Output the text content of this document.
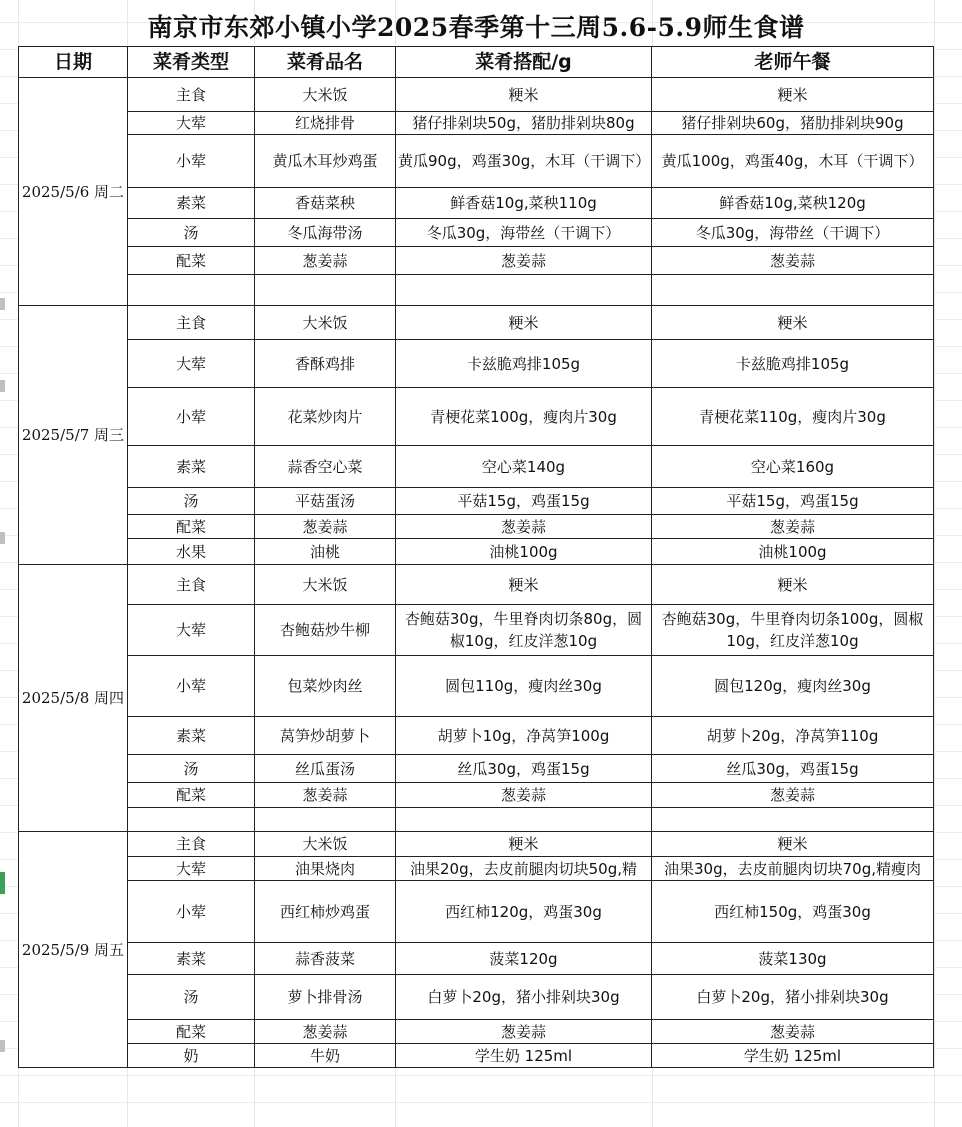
南京市东郊小镇小学2025春季第十三周5.6-5.9师生食谱
日期	菜肴类型	菜肴品名	菜肴搭配/g	老师午餐
2025/5/6 周二	主食	大米饭	粳米	粳米
	大荤	红烧排骨	猪仔排剁块50g，猪肋排剁块80g	猪仔排剁块60g，猪肋排剁块90g
	小荤	黄瓜木耳炒鸡蛋	黄瓜90g，鸡蛋30g，木耳（干调下）	黄瓜100g，鸡蛋40g，木耳（干调下）
	素菜	香菇菜秧	鲜香菇10g,菜秧110g	鲜香菇10g,菜秧120g
	汤	冬瓜海带汤	冬瓜30g，海带丝（干调下）	冬瓜30g，海带丝（干调下）
	配菜	葱姜蒜	葱姜蒜	葱姜蒜

2025/5/7 周三	主食	大米饭	粳米	粳米
	大荤	香酥鸡排	卡兹脆鸡排105g	卡兹脆鸡排105g
	小荤	花菜炒肉片	青梗花菜100g，瘦肉片30g	青梗花菜110g，瘦肉片30g
	素菜	蒜香空心菜	空心菜140g	空心菜160g
	汤	平菇蛋汤	平菇15g，鸡蛋15g	平菇15g，鸡蛋15g
	配菜	葱姜蒜	葱姜蒜	葱姜蒜
	水果	油桃	油桃100g	油桃100g
2025/5/8 周四	主食	大米饭	粳米	粳米
	大荤	杏鲍菇炒牛柳	杏鲍菇30g，牛里脊肉切条80g，圆椒10g，红皮洋葱10g	杏鲍菇30g，牛里脊肉切条100g，圆椒10g，红皮洋葱10g
	小荤	包菜炒肉丝	圆包110g，瘦肉丝30g	圆包120g，瘦肉丝30g
	素菜	莴笋炒胡萝卜	胡萝卜10g，净莴笋100g	胡萝卜20g，净莴笋110g
	汤	丝瓜蛋汤	丝瓜30g，鸡蛋15g	丝瓜30g，鸡蛋15g
	配菜	葱姜蒜	葱姜蒜	葱姜蒜

2025/5/9 周五	主食	大米饭	粳米	粳米
	大荤	油果烧肉	油果20g，去皮前腿肉切块50g,精	油果30g，去皮前腿肉切块70g,精瘦肉
	小荤	西红柿炒鸡蛋	西红柿120g，鸡蛋30g	西红柿150g，鸡蛋30g
	素菜	蒜香菠菜	菠菜120g	菠菜130g
	汤	萝卜排骨汤	白萝卜20g，猪小排剁块30g	白萝卜20g，猪小排剁块30g
	配菜	葱姜蒜	葱姜蒜	葱姜蒜
	奶	牛奶	学生奶 125ml	学生奶 125ml
